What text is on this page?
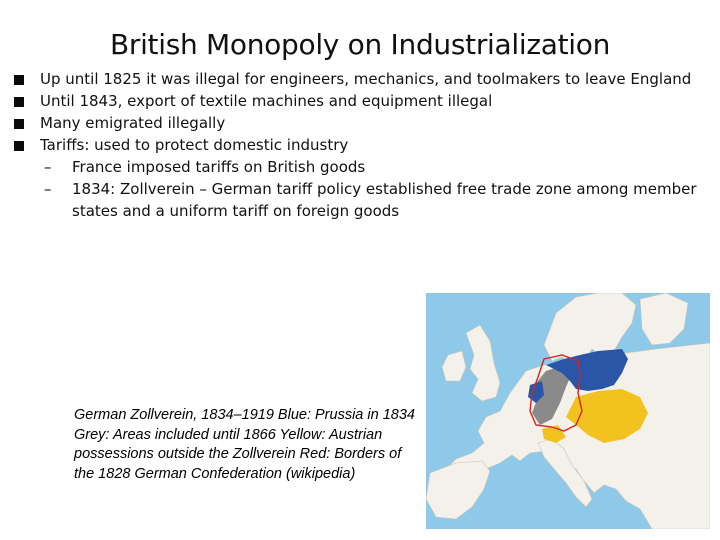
British Monopoly on Industrialization
Up until 1825 it was illegal for engineers, mechanics, and toolmakers to leave England
Until 1843, export of textile machines and equipment illegal
Many emigrated illegally
Tariffs: used to protect domestic industry
– France imposed tariffs on British goods
– 1834: Zollverein – German tariff policy established free trade zone among member states and a uniform tariff on foreign goods
German Zollverein, 1834–1919 Blue: Prussia in 1834 Grey: Areas included until 1866 Yellow: Austrian possessions outside the Zollverein Red: Borders of the 1828 German Confederation (wikipedia)
